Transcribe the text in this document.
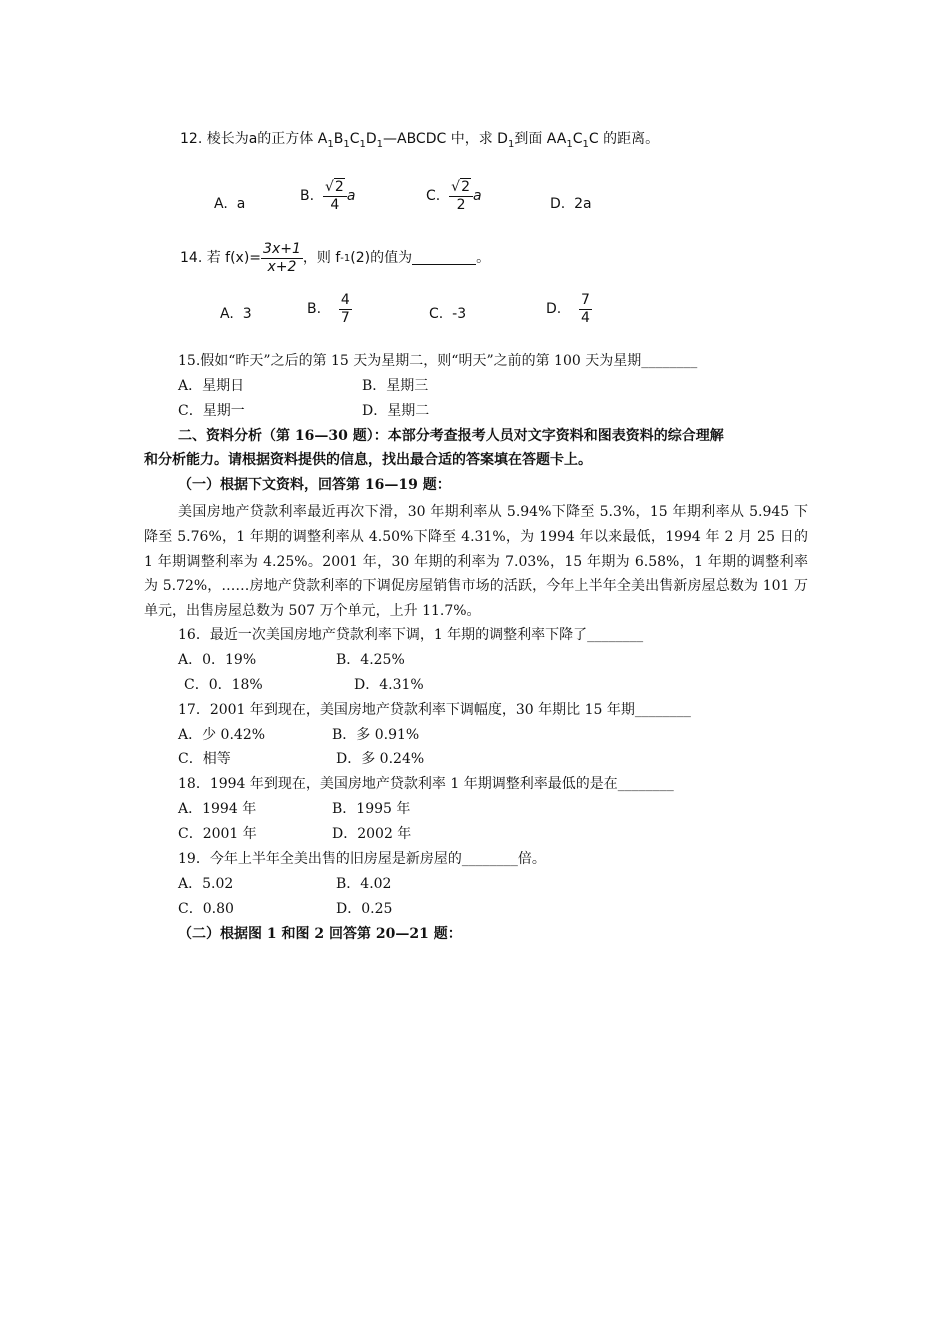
12. 棱长为a的正方体 $A_1B_1C_1D_1—ABCDC$ 中，求 $D_1$到面 $AA_1C_1C$ 的距离。
A. a	B.
$\frac{√2}{4}$ a	C.
$\frac{√2}{2}$ a	D. 2a
14.
若 $f(x)= \frac{3x+1}{x+2}$ ，则 f -1 (2)的值为	。
A. 3	B.
$\frac{4}{7}$	C. -3	D.
$\frac{7}{4}$
15.假如“昨天”之后的第 15 天为星期二，则“明天”之前的第 100 天为星期________
A．星期日	B．星期三
C．星期一	D．星期二
二、资料分析（第 16—30 题）：本部分考查报考人员对文字资料和图表资料的综合理解
和分析能力。请根据资料提供的信息，找出最合适的答案填在答题卡上。
（一）根据下文资料，回答第 16—19 题：
美国房地产贷款利率最近再次下滑，30 年期利率从 5.94%下降至 5.3%，15 年期利率从 5.945 下降至 5.76%，1 年期的调整利率从 4.50%下降至 4.31%，为 1994 年以来最低，1994 年 2 月 25 日的 1 年期调整利率为 4.25%。2001 年，30 年期的利率为 7.03%，15 年期为 6.58%，1 年期的调整利率为 5.72%，……房地产贷款利率的下调促房屋销售市场的活跃，今年上半年全美出售新房屋总数为 101 万单元，出售房屋总数为 507 万个单元，上升 11.7%。
16．最近一次美国房地产贷款利率下调，1 年期的调整利率下降了________
A．0．19%	B．4.25%
C．0．18%	D．4.31%
17．2001 年到现在，美国房地产贷款利率下调幅度，30 年期比 15 年期________
A．少 0.42%	B．多 0.91%
C．相等	D．多 0.24%
18．1994 年到现在，美国房地产贷款利率 1 年期调整利率最低的是在________
A．1994 年	B．1995 年
C．2001 年	D．2002 年
19．今年上半年全美出售的旧房屋是新房屋的________倍。
A．5.02	B．4.02
C．0.80	D．0.25
（二）根据图 1 和图 2 回答第 20—21 题：
